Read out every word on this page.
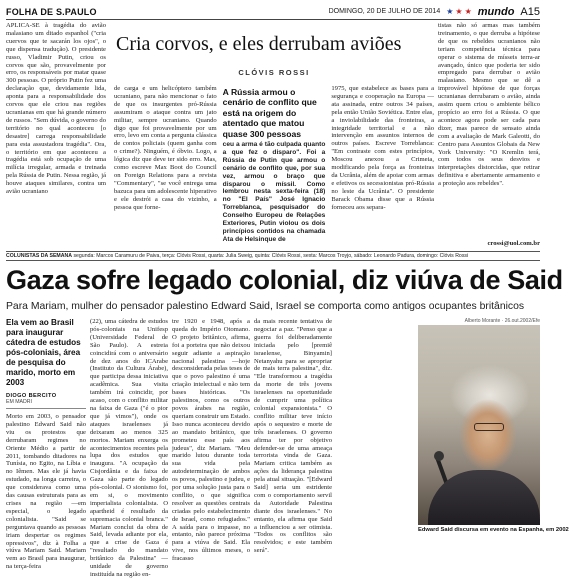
FOLHA DE S.PAULO	DOMINGO, 20 DE JULHO DE 2014 ★ ★ ★ mundo A15
APLICA-SE à tragédia do avião malasiano um ditado espanhol ("cria cuervos que te sacarán los ojos", o que dispensa tradução). O presidente russo, Vladimir Putin, criou os corvos que são, provavelmente por erro, os responsáveis por matar quase 300 pessoas. O próprio Putin fez uma declaração que, devidamente lida, aponta para a responsabilidade dos corvos que ele criou nas regiões ucranianas em que há grande número de russos. "Sem dúvida, o governo do território no qual aconteceu [o desastre] carrega responsabilidade para esta assustadora tragédia". Ora, o território em que aconteceu a tragédia está sob ocupação de uma milícia irregular, armada e treinada pela Rússia de Putin. Nessa região, já houve ataques similares, contra um avião ucraniano
Cria corvos, e eles derrubam aviões
CLÓVIS ROSSI
de carga e um helicóptero também ucraniano, para não mencionar o fato de que os insurgentes pró-Rússia assumiram o ataque contra um jato militar, sempre ucraniano. Quando digo que foi provavelmente por um erro, levo em conta a pergunta clássica de contos policiais (quem ganha com o crime?). Ninguém, é óbvio. Logo, a lógica diz que deve ter sido erro. Mas, como escreve Max Boot do Council on Foreign Relations para a revista "Commentary", "se você entrega uma bazuca para um adolescente hiperativo e ele destrói a casa do vizinho, a pessoa que forne-
A Rússia armou o cenário de conflito que está na origem do atentado que matou quase 300 pessoas
ceu a arma é tão culpada quanto a que fez o disparo". Foi a Rússia de Putin que armou o cenário de conflito que, por sua vez, armou o braço que disparou o míssil. Como lembrou nesta sexta-feira (18) no "El País" José Ignacio Torreblanca, pesquisador do Conselho Europeu de Relações Exteriores, Putin violou os dois princípios contidos na chamada Ata de Helsinque de
1975, que estabelece as bases para a segurança e cooperação na Europa —ata assinada, entre outros 34 países, pela então União Soviética. Entre elas, a inviolabilidade das fronteiras, a integridade territorial e a não intervenção em assuntos internos de outros países. Escreve Torreblanca: "Em contraste com estes princípios, Moscou anexou a Crimeia, modificando pela força as fronteiras da Ucrânia, além de apoiar com armas e efetivos os secessionistas pró-Rússia no leste da Ucrânia". O presidente Barack Obama disse que a Rússia forneceu aos separa-
tistas não só armas mas também treinamento, o que derruba a hipótese de que os rebeldes ucranianos não teriam competência técnica para operar o sistema de mísseis terra-ar avançado, único que poderia ter sido empregado para derrubar o avião malasiano. Mesmo que se dê a improvável hipótese de que forças ucranianas derrubaram o avião, ainda assim quem criou o ambiente bélico propício ao erro foi a Rússia. O que acontece agora pode ser cada para dizer, mas parece de sensato ainda com a avaliação de Mark Galeotti, do Centro para Assuntos Globais da New York University: "O Kremlin terá, com todos os seus desvios e interpretações distorcidas, que retirar definitiva e abertamente armamento e a proteção aos rebeldes".
crossi@uol.com.br
COLUNISTAS DA SEMANA segunda: Marcos Caramuru de Paiva, terça: Clóvis Rossi, quarta: Julia Sweig, quinta: Clóvis Rossi, sexta: Marcos Troyjo, sábado: Leonardo Padura, domingo: Clóvis Rossi
Gaza sofre legado colonial, diz viúva de Said
Para Mariam, mulher do pensador palestino Edward Said, Israel se comporta como antigos ocupantes britânicos
Ela vem ao Brasil para inaugurar cátedra de estudos pós-coloniais, área de pesquisa do marido, morto em 2003
DIOGO BERCITO
EM MADRI
Morto em 2003, o pensador palestino Edward Said não viu os protestos que derrubaram regimes no Oriente Médio a partir de 2011, tombando ditadores na Tunísia, no Egito, na Líbia e no Iêmen. Mas ele já havia estudado, na longa carreira, o que considerava como uma das causas estruturais para as crises na região —em especial, o legado colonialista. "Said se perguntava quando as pessoas iriam despertar os regimes opressivos", diz à Folha a viúva Mariam Said. Mariam vem ao Brasil para inaugurar, na terça-feira
(22), uma cátedra de estudos pós-coloniais na Unifesp (Universidade Federal de São Paulo). A estreia coincidirá com o aniversário de dez anos do ICArabe (Instituto da Cultura Árabe), que participa dessa iniciativa acadêmica. Sua visita também irá coincidir, por acaso, com o conflito militar na faixa de Gaza ("é o pior que já vimos"), onde os ataques israelenses já deixaram ao menos 325 mortos. Mariam enxerga os acontecimentos recentes pela lupa dos estudos que inaugura. "A ocupação da Cisjordânia e da faixa de Gaza são parte do legado pós-colonial. O sionismo foi, em si, o movimento imperialista colonialista. O apartheid é resultado da supremacia colonial branca." Mariam conclui da obra de Said, levada adiante por ela, que a crise de Gaza é "resultado do mandato britânico da Palestina" —unidade de governo instituída na região en-
tre 1920 e 1948, após a queda do Império Otomano. O projeto britânico, afirma, foi a porteira que não deixou seguir adiante a aspiração nacional palestina —hoje desconsiderada pelas teses de que o povo palestino é uma criação intelectual e não tem bases históricas. "Os palestinos, como os outros povos árabes na região, queriam construir um Estado. Isso nunca aconteceu devido ao mandato britânico, que prometeu esse país aos judeus", diz Mariam. "Meu marido lutou durante toda sua vida pela autodeterminação de ambos os povos, palestino e judeu, e por uma solução justa para o conflito, o que significa resolver as questões centrais criadas pelo estabelecimento de Israel, como refugiados." A saída para o impasse, no entanto, não parece próxima para a viúva de Said. Ela vive, nos últimos meses, o fracasso
da mais recente tentativa de negociar a paz. "Penso que a guerra foi deliberadamente iniciada pelo [premiê israelense, Binyamin] Netanyahu para se apropriar de mais terra palestina", diz. "Ele transformou a tragédia da morte de três jovens israelenses na oportunidade de cumprir uma política colonial expansionista." O conflito militar teve início após o sequestro e morte de três israelenses. O governo afirma ter por objetivo defender-se de uma ameaça terrorista vinda de Gaza. Mariam critica também as ações da liderança palestina pela atual situação. "[Edward Said] seria um estridente com o comportamento servil da Autoridade Palestina diante dos israelenses." No entanto, ela afirma que Said a influenciou a ser otimista. "Todos os conflitos são resolvidos; e este também será".
Alberto Morante · 26.out.2002/Efe
Edward Said discursa em evento na Espanha, em 2002
